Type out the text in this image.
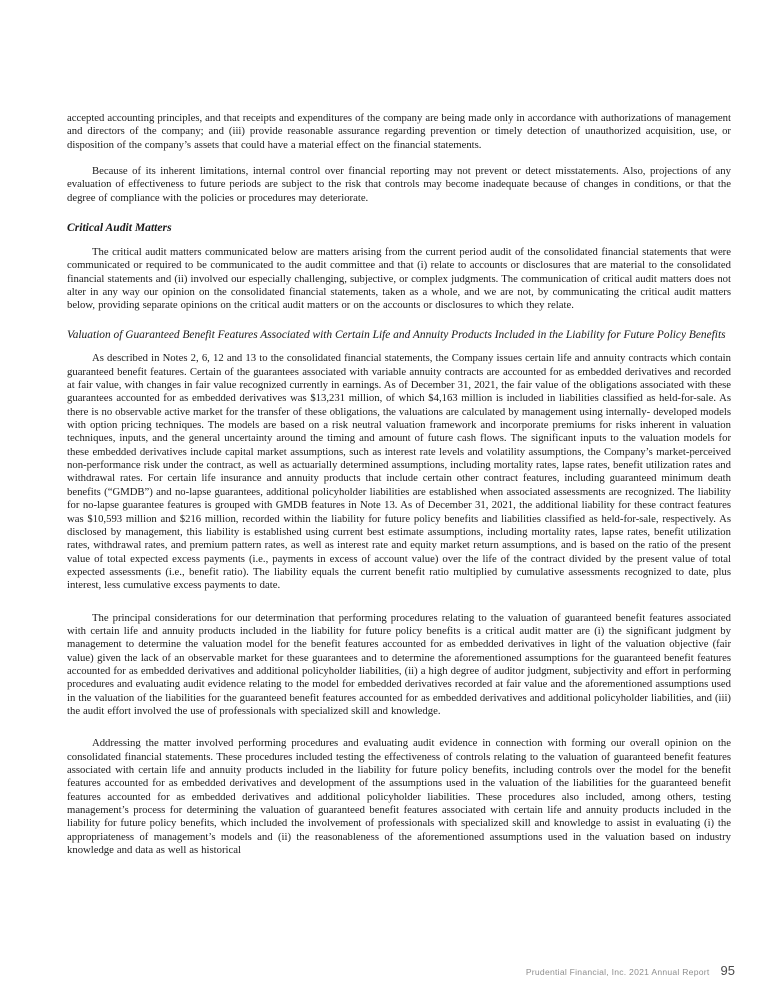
accepted accounting principles, and that receipts and expenditures of the company are being made only in accordance with authorizations of management and directors of the company; and (iii) provide reasonable assurance regarding prevention or timely detection of unauthorized acquisition, use, or disposition of the company’s assets that could have a material effect on the financial statements.

Because of its inherent limitations, internal control over financial reporting may not prevent or detect misstatements. Also, projections of any evaluation of effectiveness to future periods are subject to the risk that controls may become inadequate because of changes in conditions, or that the degree of compliance with the policies or procedures may deteriorate.

Critical Audit Matters

The critical audit matters communicated below are matters arising from the current period audit of the consolidated financial statements that were communicated or required to be communicated to the audit committee and that (i) relate to accounts or disclosures that are material to the consolidated financial statements and (ii) involved our especially challenging, subjective, or complex judgments. The communication of critical audit matters does not alter in any way our opinion on the consolidated financial statements, taken as a whole, and we are not, by communicating the critical audit matters below, providing separate opinions on the critical audit matters or on the accounts or disclosures to which they relate.

Valuation of Guaranteed Benefit Features Associated with Certain Life and Annuity Products Included in the Liability for Future Policy Benefits

As described in Notes 2, 6, 12 and 13 to the consolidated financial statements, the Company issues certain life and annuity contracts which contain guaranteed benefit features. Certain of the guarantees associated with variable annuity contracts are accounted for as embedded derivatives and recorded at fair value, with changes in fair value recognized currently in earnings. As of December 31, 2021, the fair value of the obligations associated with these guarantees accounted for as embedded derivatives was $13,231 million, of which $4,163 million is included in liabilities classified as held-for-sale. As there is no observable active market for the transfer of these obligations, the valuations are calculated by management using internally- developed models with option pricing techniques. The models are based on a risk neutral valuation framework and incorporate premiums for risks inherent in valuation techniques, inputs, and the general uncertainty around the timing and amount of future cash flows. The significant inputs to the valuation models for these embedded derivatives include capital market assumptions, such as interest rate levels and volatility assumptions, the Company’s market-perceived non-performance risk under the contract, as well as actuarially determined assumptions, including mortality rates, lapse rates, benefit utilization rates and withdrawal rates. For certain life insurance and annuity products that include certain other contract features, including guaranteed minimum death benefits (“GMDB”) and no-lapse guarantees, additional policyholder liabilities are established when associated assessments are recognized. The liability for no-lapse guarantee features is grouped with GMDB features in Note 13. As of December 31, 2021, the additional liability for these contract features was $10,593 million and $216 million, recorded within the liability for future policy benefits and liabilities classified as held-for-sale, respectively. As disclosed by management, this liability is established using current best estimate assumptions, including mortality rates, lapse rates, benefit utilization rates, withdrawal rates, and premium pattern rates, as well as interest rate and equity market return assumptions, and is based on the ratio of the present value of total expected excess payments (i.e., payments in excess of account value) over the life of the contract divided by the present value of total expected assessments (i.e., benefit ratio). The liability equals the current benefit ratio multiplied by cumulative assessments recognized to date, plus interest, less cumulative excess payments to date.

The principal considerations for our determination that performing procedures relating to the valuation of guaranteed benefit features associated with certain life and annuity products included in the liability for future policy benefits is a critical audit matter are (i) the significant judgment by management to determine the valuation model for the benefit features accounted for as embedded derivatives in light of the valuation objective (fair value) given the lack of an observable market for these guarantees and to determine the aforementioned assumptions for the guaranteed benefit features accounted for as embedded derivatives and additional policyholder liabilities, (ii) a high degree of auditor judgment, subjectivity and effort in performing procedures and evaluating audit evidence relating to the model for embedded derivatives recorded at fair value and the aforementioned assumptions used in the valuation of the liabilities for the guaranteed benefit features accounted for as embedded derivatives and additional policyholder liabilities, and (iii) the audit effort involved the use of professionals with specialized skill and knowledge.

Addressing the matter involved performing procedures and evaluating audit evidence in connection with forming our overall opinion on the consolidated financial statements. These procedures included testing the effectiveness of controls relating to the valuation of guaranteed benefit features associated with certain life and annuity products included in the liability for future policy benefits, including controls over the model for the benefit features accounted for as embedded derivatives and development of the assumptions used in the valuation of the liabilities for the guaranteed benefit features accounted for as embedded derivatives and additional policyholder liabilities. These procedures also included, among others, testing management’s process for determining the valuation of guaranteed benefit features associated with certain life and annuity products included in the liability for future policy benefits, which included the involvement of professionals with specialized skill and knowledge to assist in evaluating (i) the appropriateness of management’s models and (ii) the reasonableness of the aforementioned assumptions used in the valuation based on industry knowledge and data as well as historical

Prudential Financial, Inc. 2021 Annual Report 95
